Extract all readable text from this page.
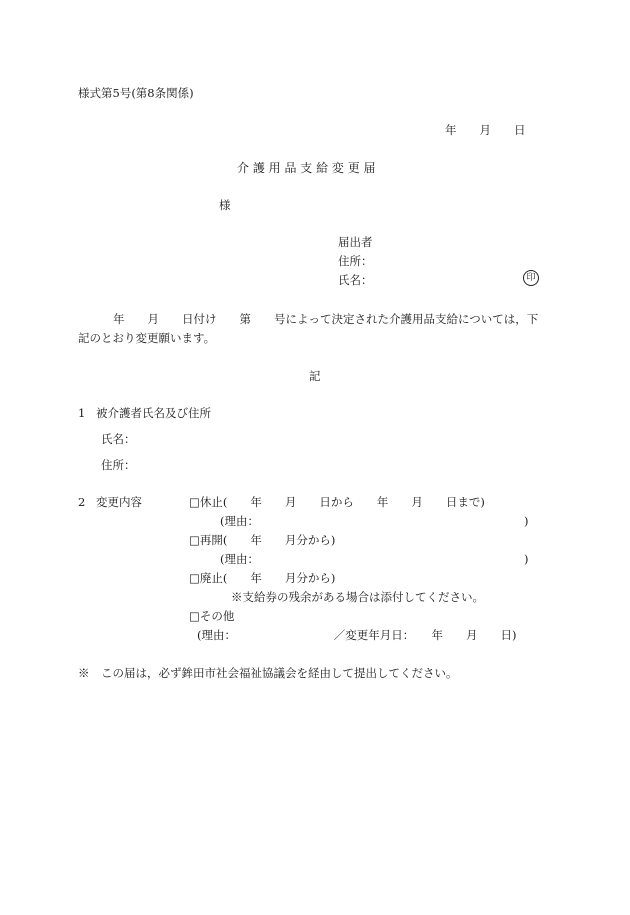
様式第5号(第8条関係)
年　　月　　日
介 護 用 品 支 給 変 更 届
様
届出者
住所：
氏名：	印
年　　月　　日付け　　第　　号によって決定された介護用品支給については，下
記のとおり変更願います。
記
1 被介護者氏名及び住所
氏名：
住所：
2 変更内容	□休止(　　年　　月　　日から　　年　　月　　日まで)
(理由：	)
□再開(　　年　　月分から)
(理由：	)
□廃止(　　年　　月分から)
※支給券の残余がある場合は添付してください。
□その他
(理由：　　　　　　　　　／変更年月日：　　年　　月　　日)
※　この届は，必ず鉾田市社会福祉協議会を経由して提出してください。
